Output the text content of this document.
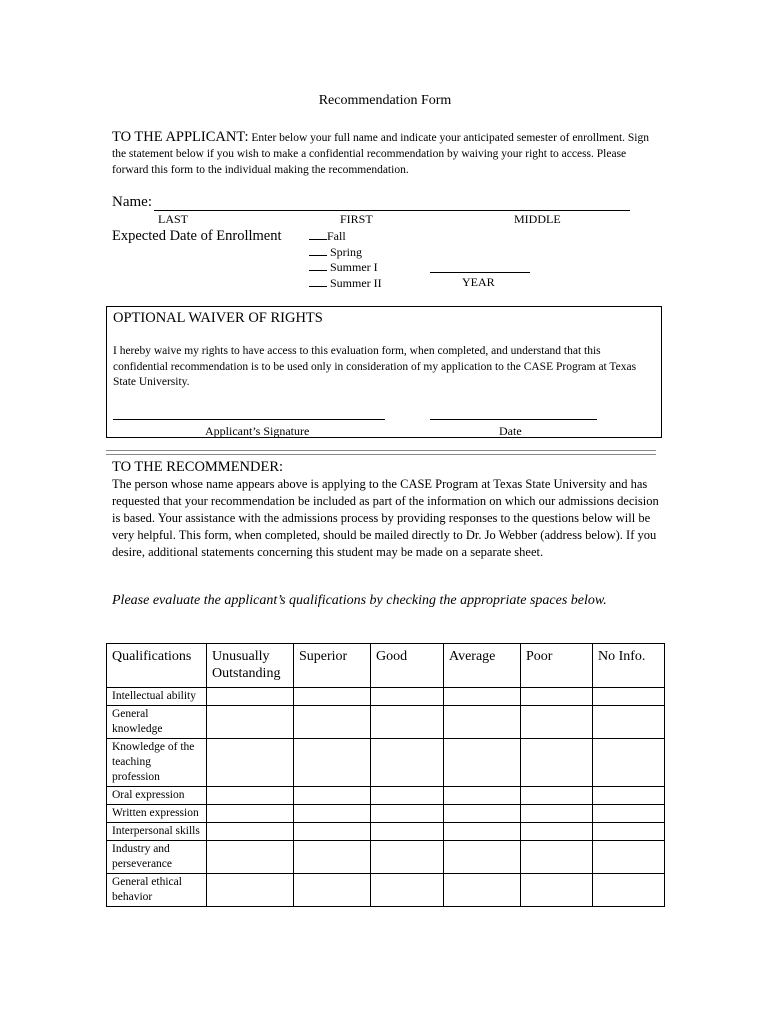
Recommendation Form
TO THE APPLICANT: Enter below your full name and indicate your anticipated semester of enrollment. Sign the statement below if you wish to make a confidential recommendation by waiving your right to access. Please forward this form to the individual making the recommendation.
Name:
LAST	FIRST	MIDDLE
Expected Date of Enrollment	Fall
Spring
Summer I
Summer II	YEAR
OPTIONAL WAIVER OF RIGHTS
I hereby waive my rights to have access to this evaluation form, when completed, and understand that this confidential recommendation is to be used only in consideration of my application to the CASE Program at Texas State University.
Applicant’s Signature	Date
TO THE RECOMMENDER:
The person whose name appears above is applying to the CASE Program at Texas State University and has requested that your recommendation be included as part of the information on which our admissions decision is based. Your assistance with the admissions process by providing responses to the questions below will be very helpful. This form, when completed, should be mailed directly to Dr. Jo Webber (address below). If you desire, additional statements concerning this student may be made on a separate sheet.
Please evaluate the applicant’s qualifications by checking the appropriate spaces below.
Qualifications	Unusually Outstanding	Superior	Good	Average	Poor	No Info.
Intellectual ability						
General knowledge						
Knowledge of the teaching profession						
Oral expression						
Written expression						
Interpersonal skills						
Industry and perseverance						
General ethical behavior						
